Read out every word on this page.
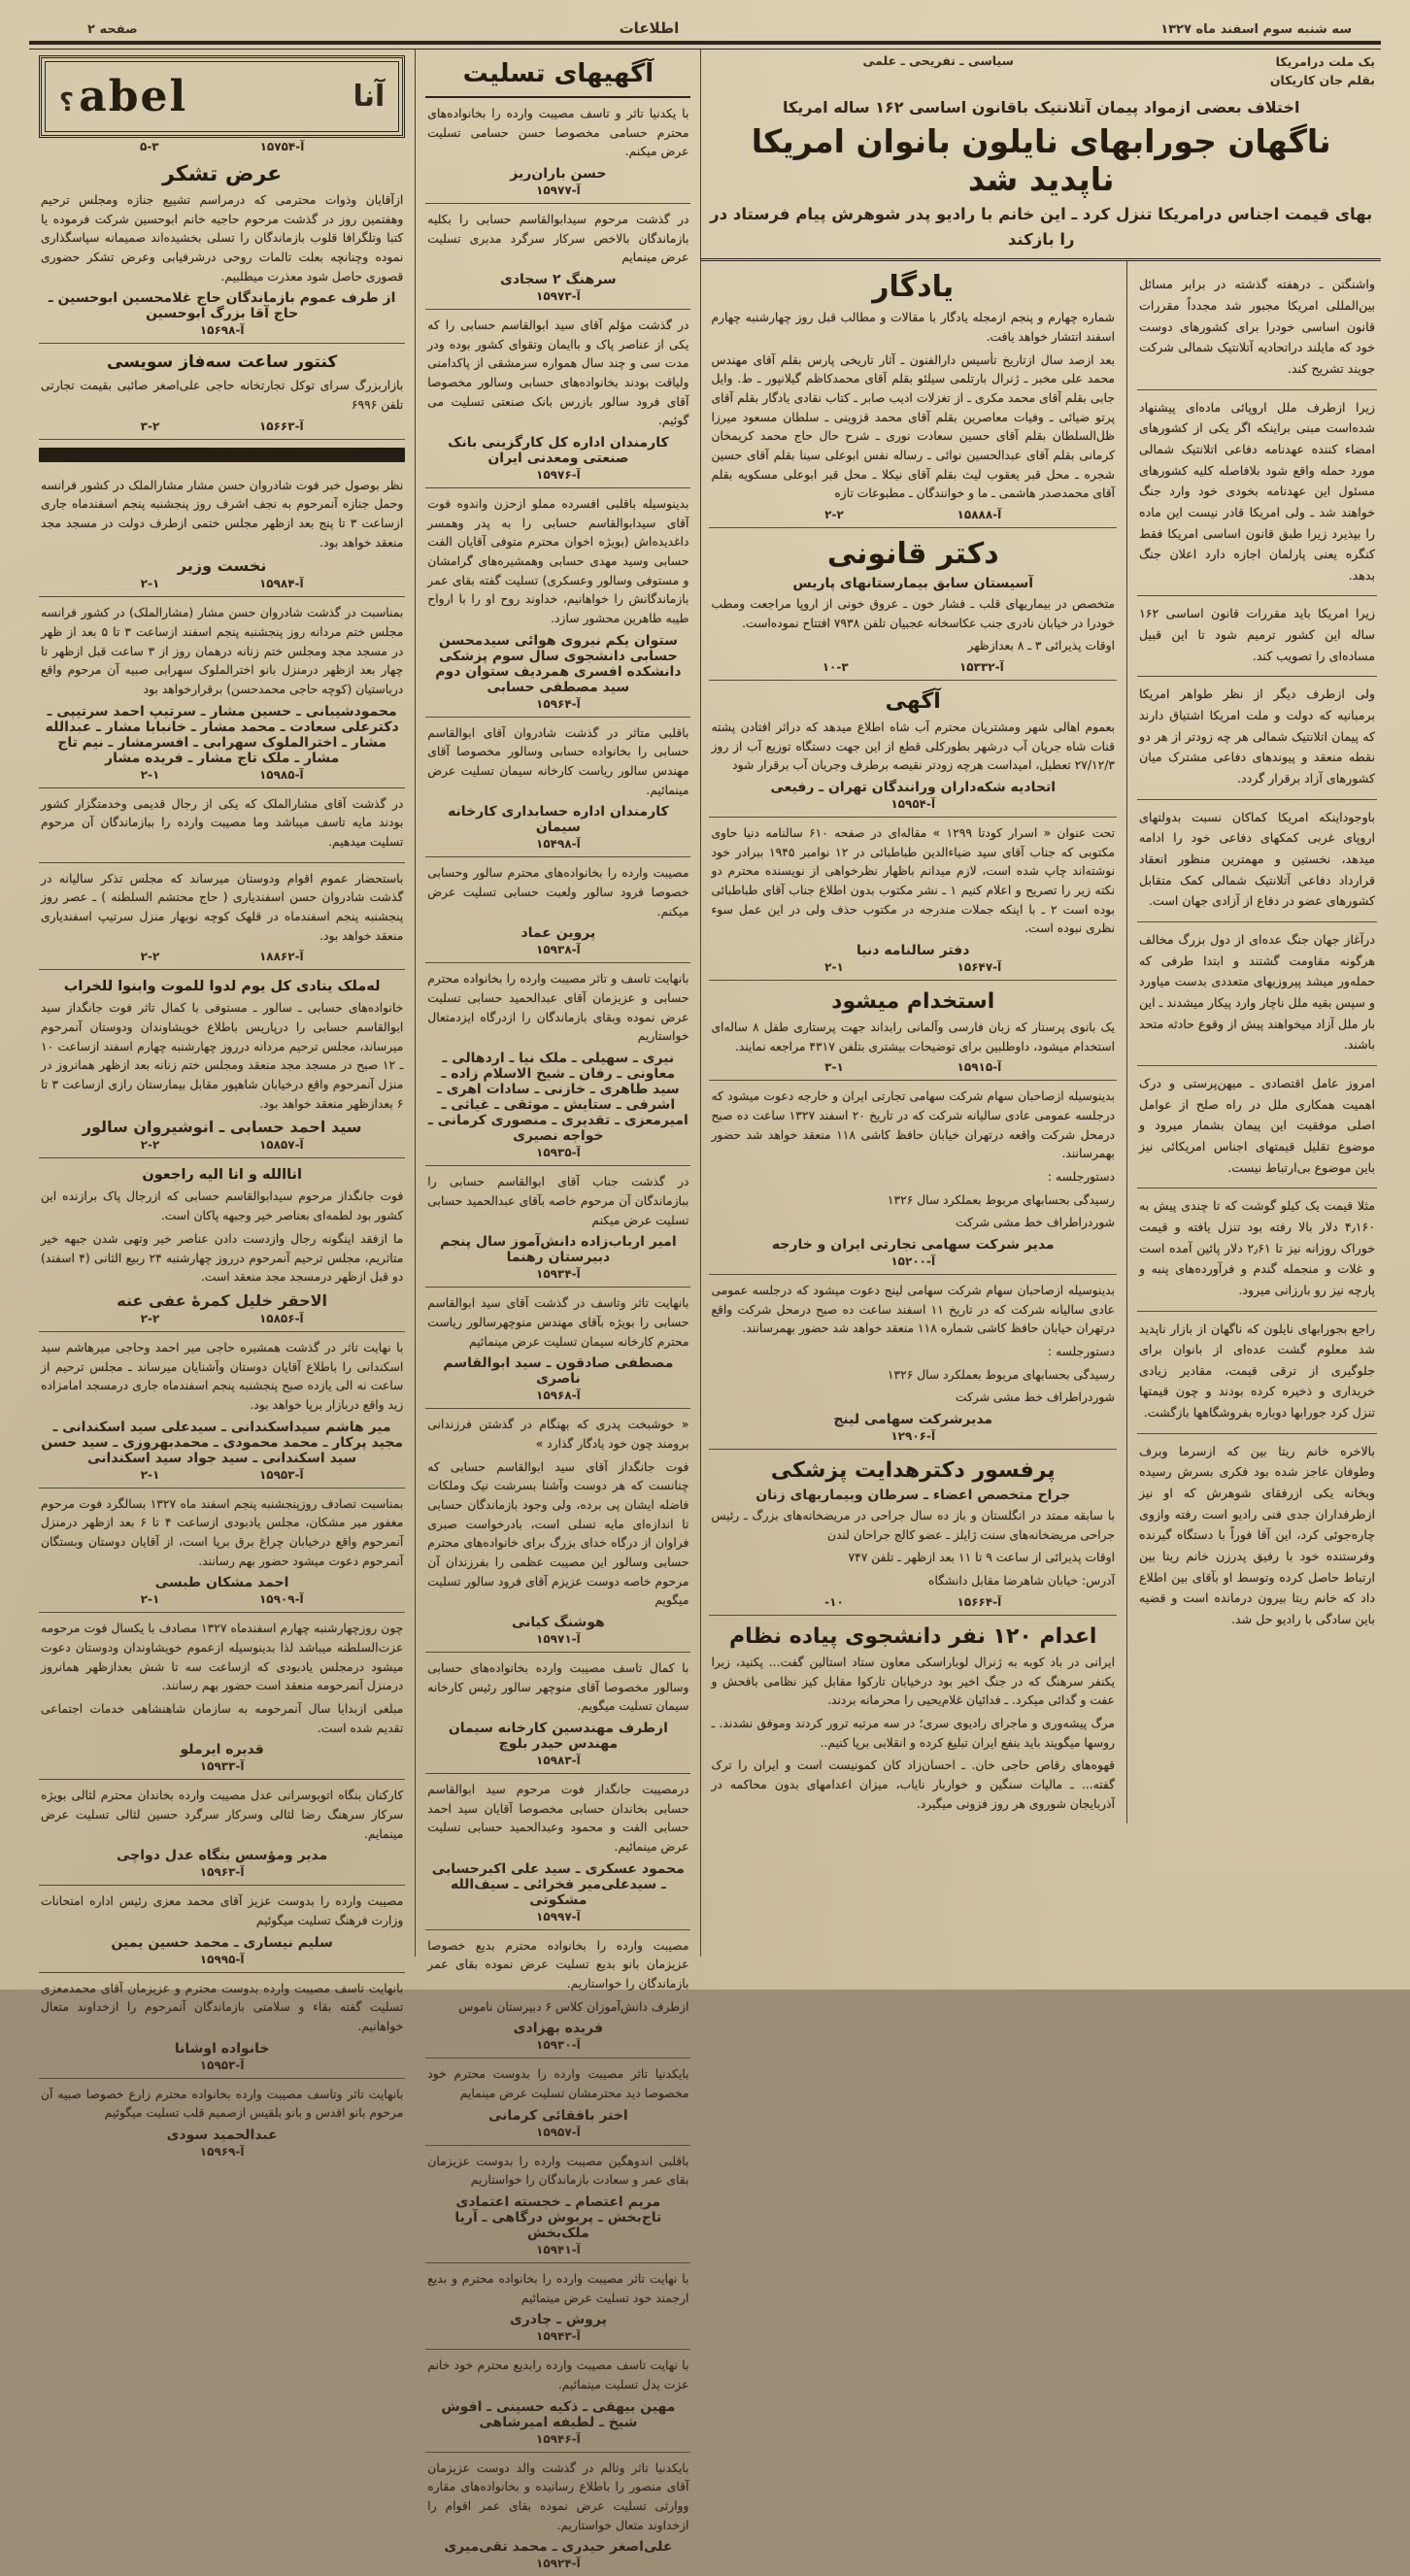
سه شنبه سوم اسفند ماه ۱۳۲۷
اطلاعات
صفحه ۲
یک ملت درامریکا
بقلم جان کاریکان
سیاسی ـ تفریحی ـ علمی
اختلاف بعضی ازمواد پیمان آتلانتیک باقانون اساسی ۱۶۲ ساله امریکا
ناگهان جورابهای نایلون بانوان امریکا ناپدید شد
بهای قیمت اجناس درامریکا تنزل کرد ـ این خانم با رادیو پدر شوهرش پیام فرستاد در را بازکند

واشنگتن ـ درهفته گذشته در برابر مسائل بین‌المللی امریکا مجبور شد مجدداً مقررات قانون اساسی خودرا برای کشورهای دوست خود که مایلند دراتحادیه آتلانتیک شمالی شرکت جویند تشریح کند.

زیرا ازطرف ملل اروپائی ماده‌ای پیشنهاد شده‌است مبنی براینکه اگر یکی از کشورهای امضاء کننده عهدنامه دفاعی اتلانتیک شمالی مورد حمله واقع شود بلافاصله کلیه کشورهای مسئول این عهدنامه بخودی خود وارد جنگ خواهند شد ـ ولی امریکا قادر نیست این ماده را بپذیرد زیرا طبق قانون اساسی امریکا فقط کنگره یعنی پارلمان اجازه دارد اعلان جنگ بدهد.

زیرا امریکا باید مقررات قانون اساسی ۱۶۲ ساله این کشور ترمیم شود تا این قبیل مساده‌ای را تصویب کند.

ولی ازطرف دیگر از نظر طواهر امریکا برمبانیه که دولت و ملت امریکا اشتیاق دارند که پیمان اتلانتیک شمالی هر چه زودتر از هر دو نقطه منعقد و پیوندهای دفاعی مشترک میان کشورهای آزاد برقرار گردد.

باوجوداینکه امریکا کماکان نسبت بدولتهای اروپای غربی کمکهای دفاعی خود را ادامه میدهد، نخستین و مهمترین منظور انعقاد قرارداد دفاعی آتلانتیک شمالی کمک متقابل کشورهای عضو در دفاع از آزادی جهان است.

درآغاز جهان جنگ عده‌ای از دول بزرگ مخالف هرگونه مقاومت گشتند و ابتدا طرفی که حمله‌ور میشد پیروزیهای متعددی بدست میاورد و سپس بقیه ملل ناچار وارد پیکار میشدند ـ این بار ملل آزاد میخواهند پیش از وقوع حادثه متحد باشند.

امروز عامل اقتصادی ـ میهن‌پرستی و درک اهمیت همکاری ملل در راه صلح از عوامل اصلی موفقیت این پیمان بشمار میرود و موضوع تقلیل قیمتهای اجناس امریکائی نیز باین موضوع بی‌ارتباط نیست.

مثلا قیمت یک کیلو گوشت که تا چندی پیش به ۴٫۱۶۰ دلار بالا رفته بود تنزل یافته و قیمت خوراک روزانه نیز تا ۲٫۶۱ دلار پائین آمده است و غلات و منجمله گندم و فرآورده‌های پنبه و پارچه نیز رو بارزانی میرود.

راجع بجورابهای نایلون که ناگهان از بازار ناپدید شد معلوم گشت عده‌ای از بانوان برای جلوگیری از ترقی قیمت، مقادیر زیادی خریداری و ذخیره کرده بودند و چون قیمتها تنزل کرد جورابها دوباره بفروشگاهها بازگشت.

بالاخره خانم ریتا بین که ازسرما وبرف وطوفان عاجز شده بود فکری بسرش رسیده وبخانه یکی ازرفقای شوهرش که او نیز ازطرفداران جدی فنی رادیو است رفته وازوی چاره‌جوئی کرد، این آقا فوراً با دستگاه گیرنده وفرستنده خود با رفیق پدرزن خانم ریتا بین ارتباط حاصل کرده وتوسط او بآقای بین اطلاع داد که خانم ریتا بیرون درمانده است و قضیه باین سادگی با رادیو حل شد.

یادگار

شماره چهارم و پنجم ازمجله یادگار با مقالات و مطالب قبل روز چهارشنبه چهارم اسفند انتشار خواهد یافت.

بعد ازصد سال ازتاریخ تأسیس دارالفنون ـ آثار تاریخی پارس بقلم آقای مهندس محمد علی مخبر ـ ژنرال بارتلمی سیلئو بقلم آقای محمدکاظم گیلانپور ـ ط. وایل جابی بقلم آقای محمد مکری ـ از تغزلات ادیب صابر ـ کتاب نقادی یادگار بقلم آقای پرتو ضیائی ـ وفیات معاصرین بقلم آقای محمد قزوینی ـ سلطان مسعود میرزا ظل‌السلطان بقلم آقای حسین سعادت نوری ـ شرح حال حاج محمد کریمخان کرمانی بقلم آقای عبدالحسین نوائی ـ رساله نفس ابوعلی سینا بقلم آقای حسین شجره ـ محل قبر یعقوب لیث بقلم آقای نیکلا ـ محل قبر ابوعلی مسکویه بقلم آقای محمدصدر هاشمی ـ ما و خوانندگان ـ مطبوعات تازه

آ-۱۵۸۸۸
۲-۲
دکتر قانونی
آسیستان سابق بیمارستانهای پاریس

متخصص در بیماریهای قلب ـ فشار خون ـ عروق خونی از اروپا مراجعت ومطب خودرا در خیابان نادری جنب عکاسخانه عجبیان تلفن ۷۹۳۸ افتتاح نموده‌است.

اوقات پذیرائی ۳ ـ ۸ بعدازظهر

آ-۱۵۳۳۲
۱۰-۳
آگهی

بعموم اهالی شهر ومشتریان محترم آب شاه اطلاع میدهد که دراثر افتادن پشته قنات شاه جریان آب درشهر بطورکلی قطع از این جهت دستگاه توزیع آب از روز ۲۷/۱۲/۳ تعطیل، امیداست هرچه زودتر نقیصه برطرف وجریان آب برقرار شود

اتحادیه شکه‌داران ورانندگان تهران ـ رفیعی
آ-۱۵۹۵۴

تحت عنوان « اسرار کودتا ۱۲۹۹ » مقاله‌ای در صفحه ۶۱۰ سالنامه دنیا حاوی مکتوبی که جناب آقای سید ضیاءالدین طباطبائی در ۱۲ نوامبر ۱۹۴۵ ببرادر خود نوشته‌اند چاپ شده است، لازم میدانم باظهار نظرخواهی از نویسنده محترم دو نکته زیر را تصریح و اعلام کنیم ۱ ـ نشر مکتوب بدون اطلاع جناب آقای طباطبائی بوده است ۲ ـ با اینکه جملات مندرجه در مکتوب حذف ولی در این عمل سوء نظری نبوده است.

دفتر سالنامه دنیا
آ-۱۵۶۴۷
۲-۱
استخدام میشود

یک بانوی پرستار که زبان فارسی وآلمانی رابداند جهت پرستاری طفل ۸ ساله‌ای استخدام میشود، داوطلبین برای توضیحات بیشتری بتلفن ۴۳۱۷ مراجعه نمایند.

آ-۱۵۹۱۵
۳-۱

بدینوسیله ازصاحبان سهام شرکت سهامی تجارتی ایران و خارجه دعوت میشود که درجلسه عمومی عادی سالیانه شرکت که در تاریخ ۲۰ اسفند ۱۳۲۷ ساعت ده صبح درمحل شرکت واقعه درتهران خیابان حافظ کاشی ۱۱۸ منعقد خواهد شد حضور بهمرسانند.

دستورجلسه :

رسیدگی بحسابهای مربوط بعملکرد سال ۱۳۲۶

شوردراطراف خط مشی شرکت

مدیر شرکت سهامی تجارتی ایران و خارجه
آ-۱۵۲۰۰

بدینوسیله ازصاحبان سهام شرکت سهامی لینج دعوت میشود که درجلسه عمومی عادی سالیانه شرکت که در تاریخ ۱۱ اسفند ساعت ده صبح درمحل شرکت واقع درتهران خیابان حافظ کاشی شماره ۱۱۸ منعقد خواهد شد حضور بهمرسانند.

دستورجلسه :

رسیدگی بحسابهای مربوط بعملکرد سال ۱۳۲۶

شوردراطراف خط مشی شرکت

مدیرشرکت سهامی لینج
آ-۱۲۹۰۶
پرفسور دکترهدایت پزشکی
جراح متخصص اعضاء ـ سرطان وبیماریهای زنان

با سابقه ممتد در انگلستان و باز ده سال جراحی در مریضخانه‌های بزرگ ـ رئیس جراحی مریضخانه‌های سنت ژایلز ـ عضو کالج جراحان لندن

اوقات پذیرائی از ساعت ۹ تا ۱۱ بعد ازظهر ـ تلفن ۷۴۷

آدرس: خیابان شاهرضا مقابل دانشگاه

آ-۱۵۶۶۴
۱۰-
اعدام ۱۲۰ نفر دانشجوی پیاده نظام

ایرانی در باد کوبه به ژنرال لوباراسکی معاون ستاد استالین گفت... پکنید، زیرا یکنفر سرهنگ که در جنگ اخیر بود درخیابان تارکوا مقابل کیز نظامی بافحش و عفت و گدائی میکرد. ـ فدائیان غلام‌یحیی را محرمانه بردند.

مرگ پیشه‌وری و ماجرای رادیوی سری؛ در سه مرتبه ترور کردند وموفق نشدند. ـ روسها میگویند باید بنفع ایران تبلیغ کرده و انقلابی برپا کنیم..

قهوه‌های رقاص حاجی خان. ـ احسان‌زاد کان کمونیست است و ایران را ترک گفته... ـ مالیات سنگین و خواربار نایاب، میزان اعدامهای بدون محاکمه در آذربایجان شوروی هر روز فزونی میگیرد.

آگهیهای تسلیت

با یکدنیا تاثر و تاسف مصیبت وارده را بخانواده‌های محترم حسامی مخصوصا حسن حسامی تسلیت عرض میکنم.

حسن باران‌ریز
آ-۱۵۹۷۷

در گذشت مرحوم سیدابوالقاسم حسابی را بکلیه بازماندگان بالاخص سرکار سرگرد مدبری تسلیت عرض مینمایم

سرهنگ ۲ سجادی
آ-۱۵۹۷۳

در گذشت مؤلم آقای سید ابوالقاسم حسابی را که یکی از عناصر پاک و باایمان وتقوای کشور بوده ودر مدت سی و چند سال همواره سرمشقی از پاکدامنی ولیاقت بودند بخانواده‌های حسابی وسالور مخصوصا آقای فرود سالور بازرس بانک صنعتی تسلیت می گوئیم.

کارمندان اداره کل کارگزینی بانک صنعتی ومعدنی ایران
آ-۱۵۹۷۶

بدینوسیله باقلبی افسرده مملو ازحزن واندوه فوت آقای سیدابوالقاسم حسابی را به پدر وهمسر داغدیده‌اش (بویژه اخوان محترم متوفی آقایان الفت حسابی وسید مهدی حسابی وهمشیره‌های گرامشان و مستوفی وسالور وعسکری) تسلیت گفته بقای عمر بازماندگانش را خواهانیم، خداوند روح او را با ارواح طیبه طاهرین محشور سازد.

ستوان یکم نیروی هوائی سیدمحسن حسابی دانشجوی سال سوم پزشکی دانشکده افسری همردیف ستوان دوم سید مصطفی حسابی
آ-۱۵۹۶۴

باقلبی متاثر در گذشت شادروان آقای ابوالقاسم حسابی را بخانواده حسابی وسالور مخصوصا آقای مهندس سالور ریاست کارخانه سیمان تسلیت عرض مینمائیم.

کارمندان اداره حسابداری کارخانه سیمان
آ-۱۵۴۹۸

مصیبت وارده را بخانواده‌های محترم سالور وحسابی خصوصا فرود سالور ولعبت حسابی تسلیت عرض میکنم.

پروین عماد
آ-۱۵۹۳۸

بانهایت تاسف و تاثر مصیبت وارده را بخانواده محترم حسابی و عزیزمان آقای عبدالحمید حسابی تسلیت عرض نموده وبقای بازماندگان را ازدرگاه ایزدمتعال خواستاریم

نیری ـ سهیلی ـ ملک نیا ـ اردهالی ـ معاونی ـ رفان ـ شیخ الاسلام زاده ـ سید طاهری ـ خازنی ـ سادات اهری ـ اشرفی ـ ستایش ـ موثقی ـ غیاثی ـ امیرمعزی ـ تقدیری ـ منصوری کرمانی ـ خواجه نصیری
آ-۱۵۹۳۵

در گذشت جناب آقای ابوالقاسم حسابی را ببازماندگان آن مرحوم خاصه بآقای عبدالحمید حسابی تسلیت عرض میکنم

امیر ارباب‌زاده دانش‌آموز سال پنجم دبیرستان رهنما
آ-۱۵۹۳۴

بانهایت تاثر وتاسف در گذشت آقای سید ابوالقاسم حسابی را بویژه بآقای مهندس منوچهرسالور ریاست محترم کارخانه سیمان تسلیت عرض مینمائیم

مصطفی صادقون ـ سید ابوالقاسم ناصری
آ-۱۵۹۶۸

« خوشبخت پدری که بهنگام در گذشتن فرزندانی برومند چون خود یادگار گذارد »

فوت جانگداز آقای سید ابوالقاسم حسابی که چنانست که هر دوست وآشنا بسرشت نیک وملکات فاضله ایشان پی برده، ولی وجود بازماندگان حسابی تا اندازه‌ای مایه تسلی است، بادرخواست صبری فراوان از درگاه خدای بزرگ برای خانواده‌های محترم حسابی وسالور این مصیبت عظمی را بفرزندان آن مرحوم خاصه دوست عزیزم آقای فرود سالور تسلیت میگویم

هوشنگ کیانی
آ-۱۵۹۷۱

با کمال تاسف مصیبت وارده بخانواده‌های حسابی وسالور مخصوصا آقای منوچهر سالور رئیس کارخانه سیمان تسلیت میگویم.

ازطرف مهندسین کارخانه سیمان مهندس حیدر بلوچ
آ-۱۵۹۸۳

درمصیبت جانگداز فوت مرحوم سید ابوالقاسم حسابی بخاندان حسابی مخصوصا آقایان سید احمد حسابی الفت و محمود وعبدالحمید حسابی تسلیت عرض مینمائیم.

محمود عسکری ـ سید علی اکبرحسابی ـ سیدعلی‌میر فخرائی ـ سیف‌الله مشکوتی
آ-۱۵۹۹۷

مصیبت وارده را بخانواده محترم بدیع خصوصا عزیزمان بانو بدیع تسلیت عرض نموده بقای عمر بازماندگان را خواستاریم.

ازطرف دانش‌آموزان کلاس ۶ دبیرستان ناموس

فریده بهزادی
آ-۱۵۹۳۰

بایکدنیا تاثر مصیبت وارده را بدوست محترم خود مخصوصا دید محترمشان تسلیت عرض مینمایم

اختر بافقائی کرمانی
آ-۱۵۹۵۷

باقلبی اندوهگین مصیبت وارده را بدوست عزیزمان بقای عمر و سعادت بازماندگان را خواستاریم

مریم اعتصام ـ خجسته اعتمادی تاج‌بخش ـ پریوش درگاهی ـ آریا ملک‌بخش
آ-۱۵۹۴۱

با نهایت تاثر مصیبت وارده را بخانواده محترم و بدیع ارجمند خود تسلیت عرض مینمائیم

پروش ـ چادری
آ-۱۵۹۴۳

با نهایت تاسف مصیبت وارده رابدیع محترم خود خانم عزت یدل تسلیت مینمائیم.

مهین بیهقی ـ ذکیه حسینی ـ افوش شیخ ـ لطیفه امیرشاهی
آ-۱۵۹۴۶

بایکدنیا تاثر وتالم در گذشت والد دوست عزیزمان آقای منصور را باطلاع رسانیده و بخانواده‌های مقاره ووارثی تسلیت عرض نموده بقای عمر اقوام را ازخداوند متعال خواستاریم.

علی‌اصغر حیدری ـ محمد تقی‌میری
آ-۱۵۹۲۴
آنا
abel ؟
آ-۱۵۷۵۴
۵-۳
عرض تشکر

ازآقایان وذوات محترمی که درمراسم تشییع جنازه ومجلس ترحیم وهفتمین روز در گذشت مرحوم حاجیه خانم ابوحسین شرکت فرموده یا کتبا وتلگرافا قلوب بازماندگان را تسلی بخشیده‌اند صمیمانه سپاسگذاری نموده وچنانچه بعلت تالمات روحی درشرفیابی وعرض تشکر حضوری قصوری حاصل شود معذرت میطلبیم.

از طرف عموم بازماندگان حاج غلامحسین ابوحسین ـ حاج آقا بزرگ ابوحسین
آ-۱۵۶۹۸
کنتور ساعت سه‌فاز سویسی

بازاربزرگ سرای توکل تجارتخانه حاجی علی‌اصغر صائبی بقیمت تجارتی تلفن ۶۹۹۶

آ-۱۵۶۶۳
۳-۲

نظر بوصول خبر فوت شادروان حسن مشار مشارالملک در کشور فرانسه وحمل جنازه آنمرحوم به نجف اشرف روز پنجشنبه پنجم اسفندماه جاری ازساعت ۳ تا پنج بعد ازظهر مجلس ختمی ازطرف دولت در مسجد مجد منعقد خواهد بود.

نخست وزیر
آ-۱۵۹۸۴
۲-۱

بمناسبت در گذشت شادروان حسن مشار (مشارالملک) در کشور فرانسه مجلس ختم مردانه روز پنجشنبه پنجم اسفند ازساعت ۳ تا ۵ بعد از ظهر در مسجد مجد ومجلس ختم زنانه درهمان روز از ۳ ساعت قبل ازظهر تا چهار بعد ازظهر درمنزل بانو اخترالملوک سهرابی صبیه آن مرحوم واقع درباستیان (کوچه حاجی محمدحسن) برقرارخواهد بود

محمودشیبانی ـ حسین مشار ـ سرتیپ احمد سرتیپی ـ دکترعلی سعادت ـ محمد مشار ـ خانبابا مشار ـ عبدالله مشار ـ اخترالملوک سهرابی ـ افسرمشار ـ نیم تاج مشار ـ ملک تاج مشار ـ فریده مشار
آ-۱۵۹۸۵
۲-۱

در گذشت آقای مشارالملک که یکی از رجال قدیمی وخدمتگزار کشور بودند مایه تاسف میباشد وما مصیبت وارده را ببازماندگان آن مرحوم تسلیت میدهیم.

باستحضار عموم اقوام ودوستان میرساند که مجلس تذکر سالیانه در گذشت شادروان حسن اسفندیاری ( حاج محتشم السلطنه ) ـ عصر روز پنجشنبه پنجم اسفندماه در قلهک کوچه نوبهار منزل سرتیپ اسفندیاری منعقد خواهد بود.

آ-۱۸۸۶۲
۲-۲
له‌ملک ینادی کل یوم لدوا للموت وابنوا للخراب

خانواده‌های حسابی ـ سالور ـ مستوفی با کمال تاثر فوت جانگداز سید ابوالقاسم حسابی را درپاریس باطلاع خویشاوندان ودوستان آنمرحوم میرساند، مجلس ترحیم مردانه درروز چهارشنبه چهارم اسفند ازساعت ۱۰ ـ ۱۲ صبح در مسجد مجد منعقد ومجلس ختم زنانه بعد ازظهر همانروز در منزل آنمرحوم واقع درخیابان شاهپور مقابل بیمارستان رازی ازساعت ۳ تا ۶ بعدازظهر منعقد خواهد بود.

سید احمد حسابی ـ انوشیروان سالور
آ-۱۵۸۵۷
۲-۲
اناالله و انا الیه راجعون

فوت جانگداز مرحوم سیدابوالقاسم حسابی که ازرجال پاک برازنده این کشور بود لطمه‌ای بعناصر خیر وجبهه پاکان است.

ما ازفقد اینگونه رجال وازدست دادن عناصر خیر وتهی شدن جبهه خیر متاثریم، مجلس ترحیم آنمرحوم درروز چهارشنبه ۲۴ ربیع الثانی (۴ اسفند) دو قبل ازظهر درمسجد مجد منعقد است.

الاحقر خلیل کمرهٔ عفی عنه
آ-۱۵۸۵۶
۲-۲

با نهایت تاثر در گذشت همشیره حاجی میر احمد وحاجی میرهاشم سید اسکندانی را باطلاع آقایان دوستان وآشنایان میرساند ـ مجلس ترحیم از ساعت نه الی یازده صبح پنجشنبه پنجم اسفندماه جاری درمسجد امامزاده زید واقع دربازار برپا خواهد بود.

میر هاشم سیداسکندانی ـ سیدعلی سید اسکندانی ـ مجید پرکار ـ محمد محمودی ـ محمدبهروزی ـ سید حسن سید اسکندانی ـ سید جواد سید اسکندانی
آ-۱۵۹۵۳
۲-۱

بمناسبت تصادف روزپنجشنبه پنجم اسفند ماه ۱۳۲۷ بسالگرد فوت مرحوم مغفور میر مشکان، مجلس یادبودی ازساعت ۴ تا ۶ بعد ازظهر درمنزل آنمرحوم واقع درخیابان چراغ برق برپا است، از آقایان دوستان وبستگان آنمرحوم دعوت میشود حضور بهم رسانند.

احمد مشکان طبسی
آ-۱۵۹۰۹
۲-۱

چون روزچهارشنبه چهارم اسفندماه ۱۳۲۷ مصادف با یکسال فوت مرحومه عزت‌السلطنه میباشد لذا بدینوسیله ازعموم خویشاوندان ودوستان دعوت میشود درمجلس یادبودی که ازساعت سه تا شش بعدازظهر همانروز درمنزل آنمرحومه منعقد است حضور بهم رسانند.

مبلغی ازبدایا سال آنمرحومه به سازمان شاهنشاهی خدمات اجتماعی تقدیم شده است.

قدیره ایرملو
آ-۱۵۹۳۳

کارکنان بنگاه اتوبوسرانی عدل مصیبت وارده بخاندان محترم لثالی بویژه سرکار سرهنگ رضا لثالی وسرکار سرگرد حسین لثالی تسلیت عرض مینمایم.

مدیر ومؤسس بنگاه عدل دواچی
آ-۱۵۹۶۳

مصیبت وارده را بدوست عزیز آقای محمد معزی رئیس اداره امتحانات وزارت فرهنگ تسلیت میگوئیم

سلیم نیساری ـ محمد حسین یمین
آ-۱۵۹۹۵

بانهایت تاسف مصیبت وارده بدوست محترم و عزیزمان آقای محمدمعزی تسلیت گفته بقاء و سلامتی بازماندگان آنمرحوم را ازخداوند متعال خواهانیم.

خانواده اوشانا
آ-۱۵۹۵۳

بانهایت تاثر وتاسف مصیبت وارده بخانواده محترم زارع خصوصا صبیه آن مرحوم بانو اقدس و بانو بلقیس ازصمیم قلب تسلیت میگوئیم

عبدالحمید سودی
آ-۱۵۹۶۹
